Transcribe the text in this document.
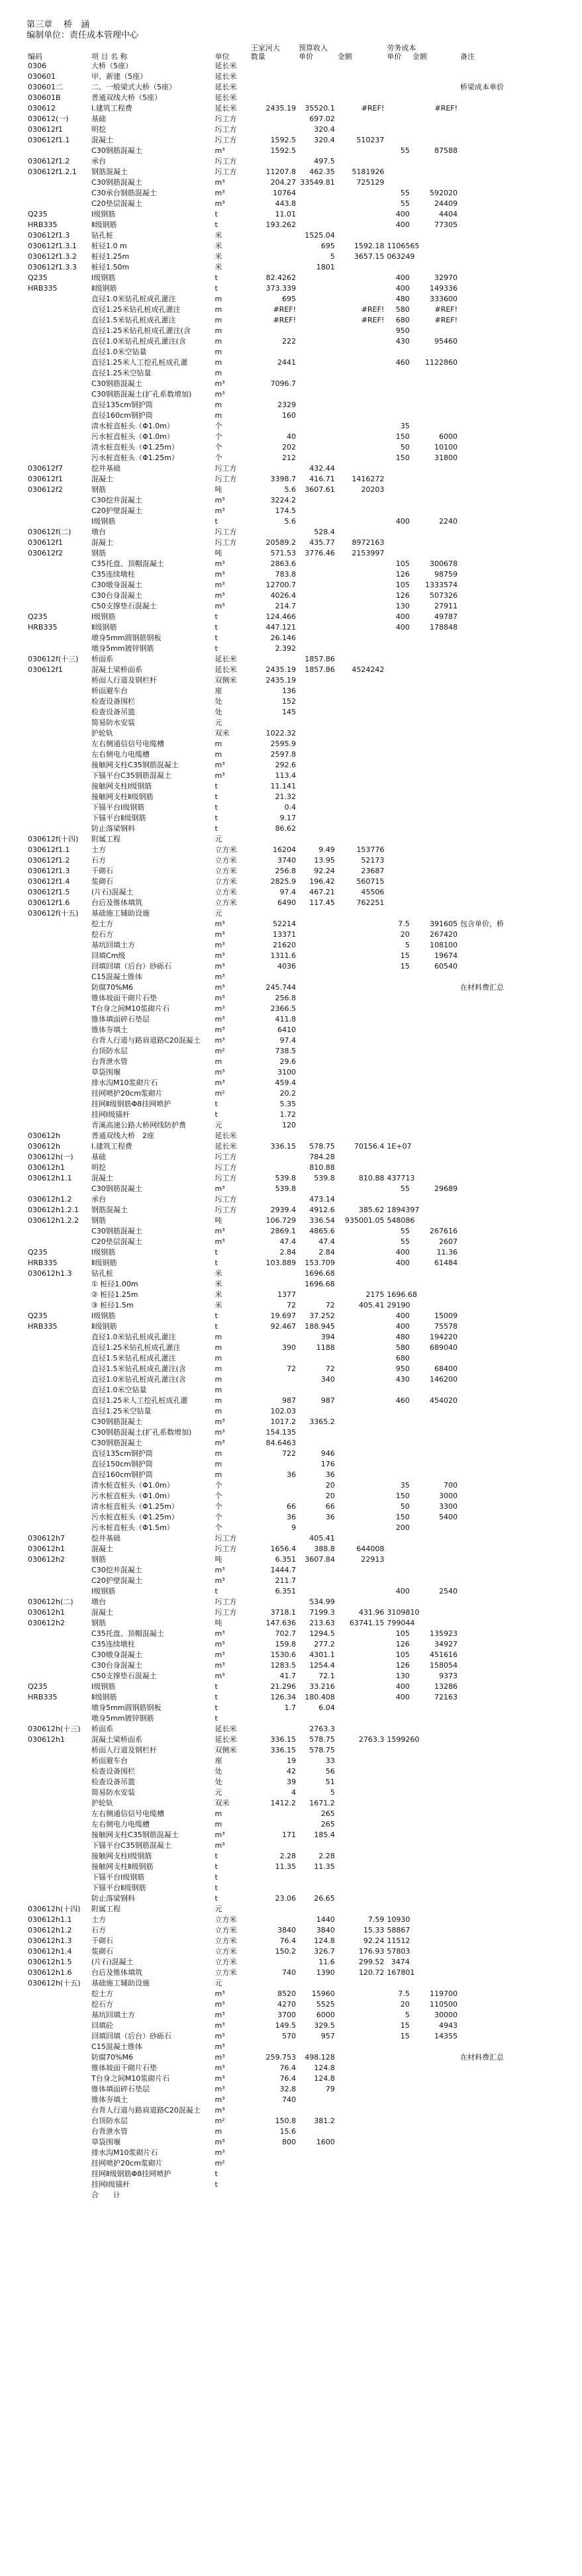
第三章　 桥　涵

编制单位：责任成本管理中心

			王家河大	预算收入		劳务成本		
编码	项 目 名 称	单位	数量	单价	金额	单价	金额	备注
0306	大桥（5座）	延长米						
030601	甲、新建（5座）	延长米						
030601二	二、一般梁式大桥（5座）	延长米						桥梁成本单价
030601B	普通双线大桥（5座）	延长米						
030612	Ⅰ.建筑工程费	延长米	2435.19	35520.1	#REF!		#REF!	
030612(一)	基础	圬工方		697.02				
030612f1	明挖	圬工方		320.4				
030612f1.1	混凝土	圬工方	1592.5	320.4	510237			
	C30钢筋混凝土	m³	1592.5			55	87588	
030612f1.2	承台	圬工方		497.5				
030612f1.2.1	钢筋混凝土	圬工方	11207.8	462.35	5181926			
	C30钢筋混凝土	m³	204.27	33549.81	725129			
	C30承台钢筋混凝土	m³	10764			55	592020	
	C20垫层混凝土	m³	443.8			55	24409	
Q235	Ⅰ级钢筋	t	11.01			400	4404	
HRB335	Ⅱ级钢筋	t	193.262			400	77305	
030612f1.3	钻孔桩	米		1525.04				
030612f1.3.1	桩径1.0 m	米		695	1592.18	1106565		
030612f1.3.2	桩径1.25m	米		5	3657.15	063249		
030612f1.3.3	桩径1.50m	米		1801				
Q235	Ⅰ级钢筋	t	82.4262			400	32970	
HRB335	Ⅱ级钢筋	t	373.339			400	149336	
	直径1.0米钻孔桩成孔灌注	m	695			480	333600	
	直径1.25米钻孔桩成孔灌注	m	#REF!		#REF!	580	#REF!	
	直径1.5米钻孔桩成孔灌注	m	#REF!		#REF!	680	#REF!	
	直径1.25米钻孔桩成孔灌注(含	m				950		
	直径1.0米钻孔桩成孔灌注(含	m	222			430	95460	
	直径1.0米空钻量	m						
	直径1.25米人工挖孔桩成孔灌	m	2441			460	1122860	
	直径1.25米空钻量	m						
	C30钢筋混凝土	m³	7096.7					
	C30钢筋混凝土(扩孔系数增加)	m³						
	直径135cm钢护筒	m	2329					
	直径160cm钢护筒	m	160					
	清水桩直桩头（Φ1.0m）	个				35		
	污水桩直桩头（Φ1.0m）	个	40			150	6000	
	清水桩直桩头（Φ1.25m）	个	202			50	10100	
	污水桩直桩头（Φ1.25m）	个	212			150	31800	
030612f7	挖井基础	圬工方		432.44				
030612f1	混凝土	圬工方	3398.7	416.71	1416272			
030612f2	钢筋	吨	5.6	3607.61	20203			
	C30挖井混凝土	m³	3224.2					
	C20护壁混凝土	m³	174.5					
	Ⅰ级钢筋	t	5.6			400	2240	
030612f(二)	墩台	圬工方		528.4				
030612f1	混凝土	圬工方	20589.2	435.77	8972163			
030612f2	钢筋	吨	571.53	3776.46	2153997			
	C35托盘、顶帽混凝土	m³	2863.6			105	300678	
	C35连续墩柱	m³	783.8			126	98759	
	C30墩身混凝土	m³	12700.7			105	1333574	
	C30台身混凝土	m³	4026.4			126	507326	
	C50支撑垫石混凝土	m³	214.7			130	27911	
Q235	Ⅰ级钢筋	t	124.466			400	49787	
HRB335	Ⅱ级钢筋	t	447.121			400	178848	
	墩身5mm圆钢筋钢板	t	26.146					
	墩身5mm镀锌钢筋	t	2.392					
030612f(十三)	桥面系	延长米		1857.86				
030612f1	混凝土梁桥面系	延长米	2435.19	1857.86	4524242			
	桥面人行道及钢栏杆	双侧米	2435.19					
	桥面避车台	座	136					
	检查设备围栏	处	152					
	检查设备吊篮	处	145					
	简易防水安装	元						
	护轮轨	双米	1022.32					
	左右侧通信信号电缆槽	m	2595.9					
	左右侧电力电缆槽	m	2597.8					
	接触网支柱C35钢筋混凝土	m³	292.6					
	下锚平台C35钢筋混凝土	m³	113.4					
	接触网支柱Ⅰ级钢筋	t	11.141					
	接触网支柱Ⅱ级钢筋	t	21.32					
	下锚平台Ⅰ级钢筋	t	0.4					
	下锚平台Ⅱ级钢筋	t	9.17					
	防止落梁钢料	t	86.62					
030612f(十四)	附属工程	元						
030612f1.1	土方	立方米	16204	9.49	153776			
030612f1.2	石方	立方米	3740	13.95	52173			
030612f1.3	干砌石	立方米	256.8	92.24	23687			
030612f1.4	浆砌石	立方米	2825.9	196.42	560715			
030612f1.5	(片石)混凝土	立方米	97.4	467.21	45506			
030612f1.6	台后及锥体填筑	立方米	6490	117.45	762251			
030612f(十五)	基础施工辅助设施	元						
	挖土方	m³	52214			7.5	391605	包含单价，桥
	挖石方	m³	13371			20	267420	
	基坑回填土方	m³	21620			5	108100	
	回填Cm级	m³	1311.6			15	19674	
	回填回填（后台）砂砾石	m³	4036			15	60540	
	C15混凝土锥体	m³						
	防腐70%M6	m³	245.744					在材料费汇总
	锥体坡面干砌片石垫	m³	256.8					
	T台身之间M10浆砌片石	m³	2366.5					
	锥体填面碎石垫层	m³	411.8					
	锥体夯填土	m³	6410					
	台背人行道与路肩道路C20混凝土	m³	97.4					
	台顶防水层	m²	738.5					
	台背泄水管	m	29.6					
	草袋围堰	m³	3100					
	排水沟M10浆砌片石	m³	459.4					
	挂网喷护20cm浆砌片	m²	20.2					
	挂网Ⅱ级钢筋Φ8挂网喷护	t	5.35					
	挂网Ⅰ级锚杆	t	1.72					
	青溪高速公路大桥网线防护费	元	120					
030612h	普通双线大桥　2座	延长米						
030612h	Ⅰ.建筑工程费	延长米	336.15	578.75	70156.4	1E+07		
030612h(一)	基础	圬工方		784.28				
030612h1	明挖	圬工方		810.88				
030612h1.1	混凝土	圬工方	539.8	539.8	810.88	437713		
	C30钢筋混凝土	m³	539.8			55	29689	
030612h1.2	承台	圬工方		473.14				
030612h1.2.1	钢筋混凝土	圬工方	2939.4	4912.6	385.62	1894397		
030612h1.2.2	钢筋	吨	106.729	336.54	935001.05	548086		
	C30钢筋混凝土	m³	2869.1	4865.6		55	267616	
	C20垫层混凝土	m³	47.4	47.4		55	2607	
Q235	Ⅰ级钢筋	t	2.84	2.84		400	11.36	
HRB335	Ⅱ级钢筋	t	103.889	153.709		400	61484	
030612h1.3	钻孔桩	米		1696.68				
	① 桩径1.00m	米		1696.68				
	② 桩径1.25m	米	1377		2175	1696.68		
	③ 桩径1.5m	米	72	72	405.41	29190		
Q235	Ⅰ级钢筋	t	19.697	37.252		400	15009	
HRB335	Ⅱ级钢筋	t	92.467	188.945		400	75578	
	直径1.0米钻孔桩成孔灌注	m		394		480	194220	
	直径1.25米钻孔桩成孔灌注	m	390	1188		580	689040	
	直径1.5米钻孔桩成孔灌注	m				680		
	直径1.5米钻孔桩成孔灌注(含	m	72	72		950	68400	
	直径1.0米钻孔桩成孔灌注(含	m		340		430	146200	
	直径1.0米空钻量	m						
	直径1.25米人工挖孔桩成孔灌	m	987	987		460	454020	
	直径1.25米空钻量	m	102.03					
	C30钢筋混凝土	m³	1017.2	3365.2				
	C30钢筋混凝土(扩孔系数增加)	m³	154.135					
	C30钢筋混凝土	m³	84.6463					
	直径135cm钢护筒	m	722	946				
	直径150cm钢护筒	m		176				
	直径160cm钢护筒	m	36	36				
	清水桩直桩头（Φ1.0m）	个		20		35	700	
	污水桩直桩头（Φ1.0m）	个		20		150	3000	
	清水桩直桩头（Φ1.25m）	个	66	66		50	3300	
	污水桩直桩头（Φ1.25m）	个	36	36		150	5400	
	污水桩直桩头（Φ1.5m）	个	9			200		
030612h7	挖井基础	圬工方		405.41				
030612h1	混凝土	圬工方	1656.4	388.8	644008			
030612h2	钢筋	吨	6.351	3607.84	22913			
	C30挖井混凝土	m³	1444.7					
	C20护壁混凝土	m³	211.7					
	Ⅰ级钢筋	t	6.351			400	2540	
030612h(二)	墩台	圬工方		534.99				
030612h1	混凝土	圬工方	3718.1	7199.3	431.96	3109810		
030612h2	钢筋	吨	147.636	213.63	63741.15	799044		
	C35托盘、顶帽混凝土	m³	702.7	1294.5		105	135923	
	C35连续墩柱	m³	159.8	277.2		126	34927	
	C30墩身混凝土	m³	1530.6	4301.1		105	451616	
	C30台身混凝土	m³	1283.5	1254.4		126	158054	
	C50支撑垫石混凝土	m³	41.7	72.1		130	9373	
Q235	Ⅰ级钢筋	t	21.296	33.216		400	13286	
HRB335	Ⅱ级钢筋	t	126.34	180.408		400	72163	
	墩身5mm圆钢筋钢板	t	1.7	6.04				
	墩身5mm镀锌钢筋	t						
030612h(十三)	桥面系	延长米		2763.3				
030612h1	混凝土梁桥面系	延长米	336.15	578.75	2763.3	1599260		
	桥面人行道及钢栏杆	双侧米	336.15	578.75				
	桥面避车台	座	19	33				
	检查设备围栏	处	42	56				
	检查设备吊篮	处	39	51				
	简易防水安装	元	4	5				
	护轮轨	双米	1412.2	1671.2				
	左右侧通信信号电缆槽	m		265				
	左右侧电力电缆槽	m		265				
	接触网支柱C35钢筋混凝土	m³	171	185.4				
	下锚平台C35钢筋混凝土	m³						
	接触网支柱Ⅰ级钢筋	t	2.28	2.28				
	接触网支柱Ⅱ级钢筋	t	11.35	11.35				
	下锚平台Ⅰ级钢筋	t						
	下锚平台Ⅱ级钢筋	t						
	防止落梁钢料	t	23.06	26.65				
030612h(十四)	附属工程	元						
030612h1.1	土方	立方米		1440	7.59	10930		
030612h1.2	石方	立方米	3840	3840	15.33	58867		
030612h1.3	干砌石	立方米	76.4	124.8	92.24	11512		
030612h1.4	浆砌石	立方米	150.2	326.7	176.93	57803		
030612h1.5	(片石)混凝土	立方米		11.6	299.52	3474		
030612h1.6	台后及锥体填筑	立方米	740	1390	120.72	167801		
030612h(十五)	基础施工辅助设施	元						
	挖土方	m³	8520	15960		7.5	119700	
	挖石方	m³	4270	5525		20	110500	
	基坑回填土方	m³	3700	6000		5	30000	
	回填砼	m³	149.5	329.5		15	4943	
	回填回填（后台）砂砾石	m³	570	957		15	14355	
	C15混凝土锥体	m³						
	防腐70%M6	m³	259.753	498.128				在材料费汇总
	锥体坡面干砌片石垫	m³	76.4	124.8				
	T台身之间M10浆砌片石	m³	76.4	124.8				
	锥体填面碎石垫层	m³	32.8	79				
	锥体夯填土	m³	740					
	台背人行道与路肩道路C20混凝土	m³						
	台顶防水层	m²	150.8	381.2				
	台背泄水管	m	15.6					
	草袋围堰	m³	800	1600				
	排水沟M10浆砌片石	m³						
	挂网喷护20cm浆砌片	m²						
	挂网Ⅱ级钢筋Φ8挂网喷护	t						
	挂网Ⅰ级锚杆	t						
	合　　计							
